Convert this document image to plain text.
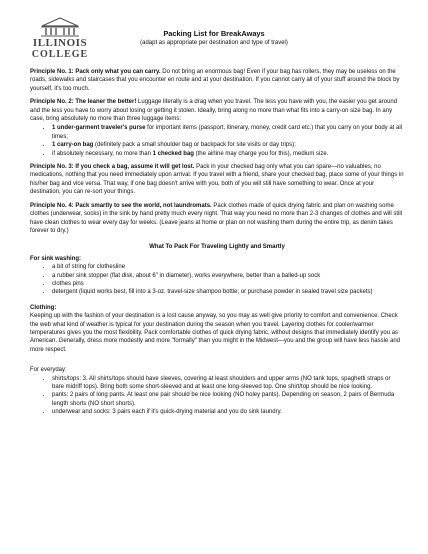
ILLINOIS
COLLEGE
Packing List for BreakAways
(adapt as appropriate per destination and type of travel)

Principle No. 1: Pack only what you can carry. Do not bring an enormous bag! Even if your bag has rollers, they may be useless on the roads, sidewalks and staircases that you encounter en route and at your destination. If you cannot carry all of your stuff around the block by yourself, it's too much.

Principle No. 2: The leaner the better! Luggage literally is a drag when you travel. The less you have with you, the easier you get around and the less you have to worry about losing or getting it stolen. Ideally, bring along no more than what fits into a carry-on size bag. In any case, bring absolutely no more than three luggage items:

• 1 under-garment traveler's purse for important items (passport, itinerary, money, credit card etc.) that you carry on your body at all times;
• 1 carry-on bag (definitely pack a small shoulder bag or backpack for site visits or day trips);
• if absolutely necessary, no more than 1 checked bag (the airline may charge you for this), medium size.

Principle No. 3: If you check a bag, assume it will get lost. Pack in your checked bag only what you can spare—no valuables, no medications, nothing that you need immediately upon arrival. If you travel with a friend, share your checked bag, place some of your things in his/her bag and vice versa. That way, if one bag doesn't arrive with you, both of you will still have something to wear. Once at your destination, you can re-sort your things.

Principle No. 4: Pack smartly to see the world, not laundromats. Pack clothes made of quick drying fabric and plan on washing some clothes (underwear, socks) in the sink by hand pretty much every night. That way you need no more than 2-3 changes of clothes and will still have clean clothes to wear every day for weeks. (Leave jeans at home or plan on not washing them during the entire trip, as denim takes forever to dry.)

What To Pack For Traveling Lightly and Smartly
For sink washing:
• a bit of string for clothesline
• a rubber sink stopper (flat disk, about 6" in diameter), works everywhere, better than a balled-up sock
• clothes pins
• detergent (liquid works best, fill into a 3-oz. travel-size shampoo bottle; or purchase powder in sealed travel size packets)
Clothing:

Keeping up with the fashion of your destination is a lost cause anyway, so you may as well give priority to comfort and convenience. Check the web what kind of weather is typical for your destination during the season when you travel. Layering clothes for cooler/warmer temperatures gives you the most flexibility. Pack comfortable clothes of quick drying fabric, without designs that immediately identify you as American. Generally, dress more modestly and more "formally" than you might in the Midwest—you and the group will have less hassle and more respect.

For everyday:
• shirts/tops: 3. All shirts/tops should have sleeves, covering at least shoulders and upper arms (NO tank tops, spaghetti straps or bare midriff tops). Bring both some short-sleeved and at least one long-sleeved top. One shirt/top should be nice looking.
• pants: 2 pairs of long pants. At least one pair should be nice looking (NO holey pants). Depending on season, 2 pairs of Bermuda length shorts (NO short shorts).
• underwear and socks: 3 pairs each if it's quick-drying material and you do sink laundry.
